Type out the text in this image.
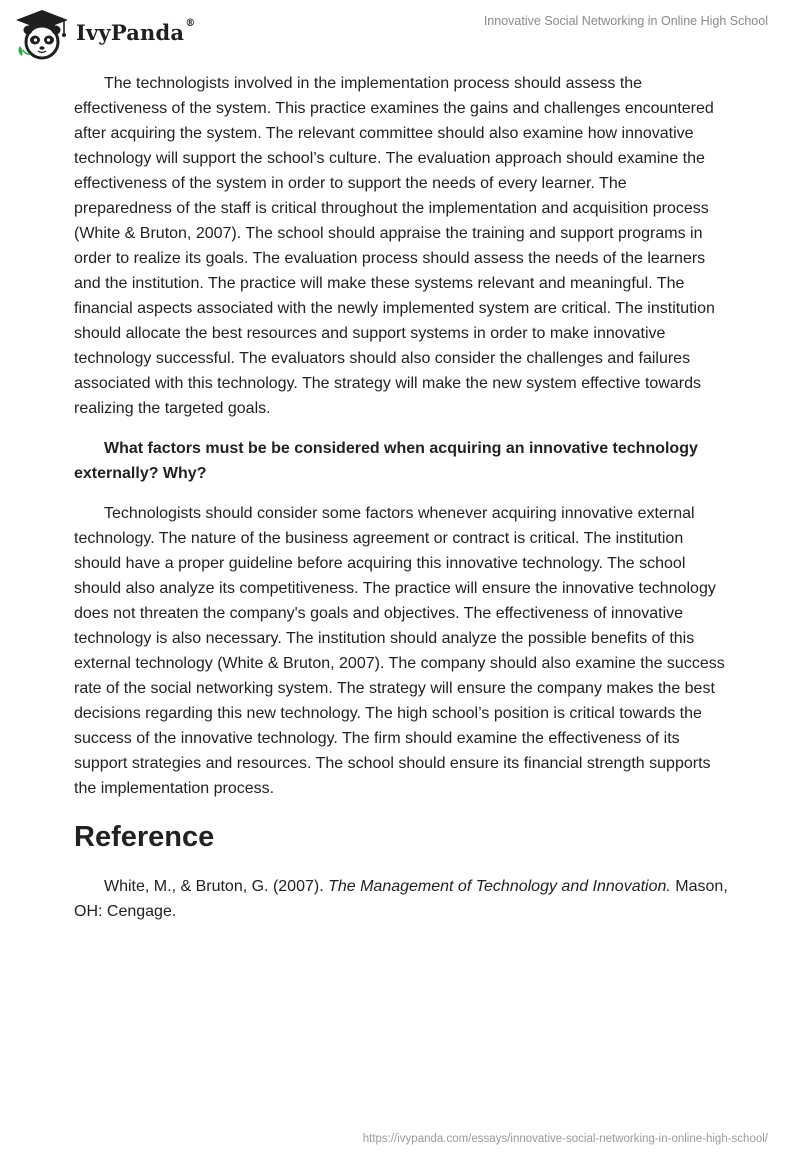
IvyPanda®	Innovative Social Networking in Online High School

The technologists involved in the implementation process should assess the effectiveness of the system. This practice examines the gains and challenges encountered after acquiring the system. The relevant committee should also examine how innovative technology will support the school’s culture. The evaluation approach should examine the effectiveness of the system in order to support the needs of every learner. The preparedness of the staff is critical throughout the implementation and acquisition process (White & Bruton, 2007). The school should appraise the training and support programs in order to realize its goals. The evaluation process should assess the needs of the learners and the institution. The practice will make these systems relevant and meaningful. The financial aspects associated with the newly implemented system are critical. The institution should allocate the best resources and support systems in order to make innovative technology successful. The evaluators should also consider the challenges and failures associated with this technology. The strategy will make the new system effective towards realizing the targeted goals.

What factors must be be considered when acquiring an innovative technology externally? Why?

Technologists should consider some factors whenever acquiring innovative external technology. The nature of the business agreement or contract is critical. The institution should have a proper guideline before acquiring this innovative technology. The school should also analyze its competitiveness. The practice will ensure the innovative technology does not threaten the company's goals and objectives. The effectiveness of innovative technology is also necessary. The institution should analyze the possible benefits of this external technology (White & Bruton, 2007). The company should also examine the success rate of the social networking system. The strategy will ensure the company makes the best decisions regarding this new technology. The high school’s position is critical towards the success of the innovative technology. The firm should examine the effectiveness of its support strategies and resources. The school should ensure its financial strength supports the implementation process.

Reference

White, M., & Bruton, G. (2007). The Management of Technology and Innovation. Mason, OH: Cengage.

https://ivypanda.com/essays/innovative-social-networking-in-online-high-school/
